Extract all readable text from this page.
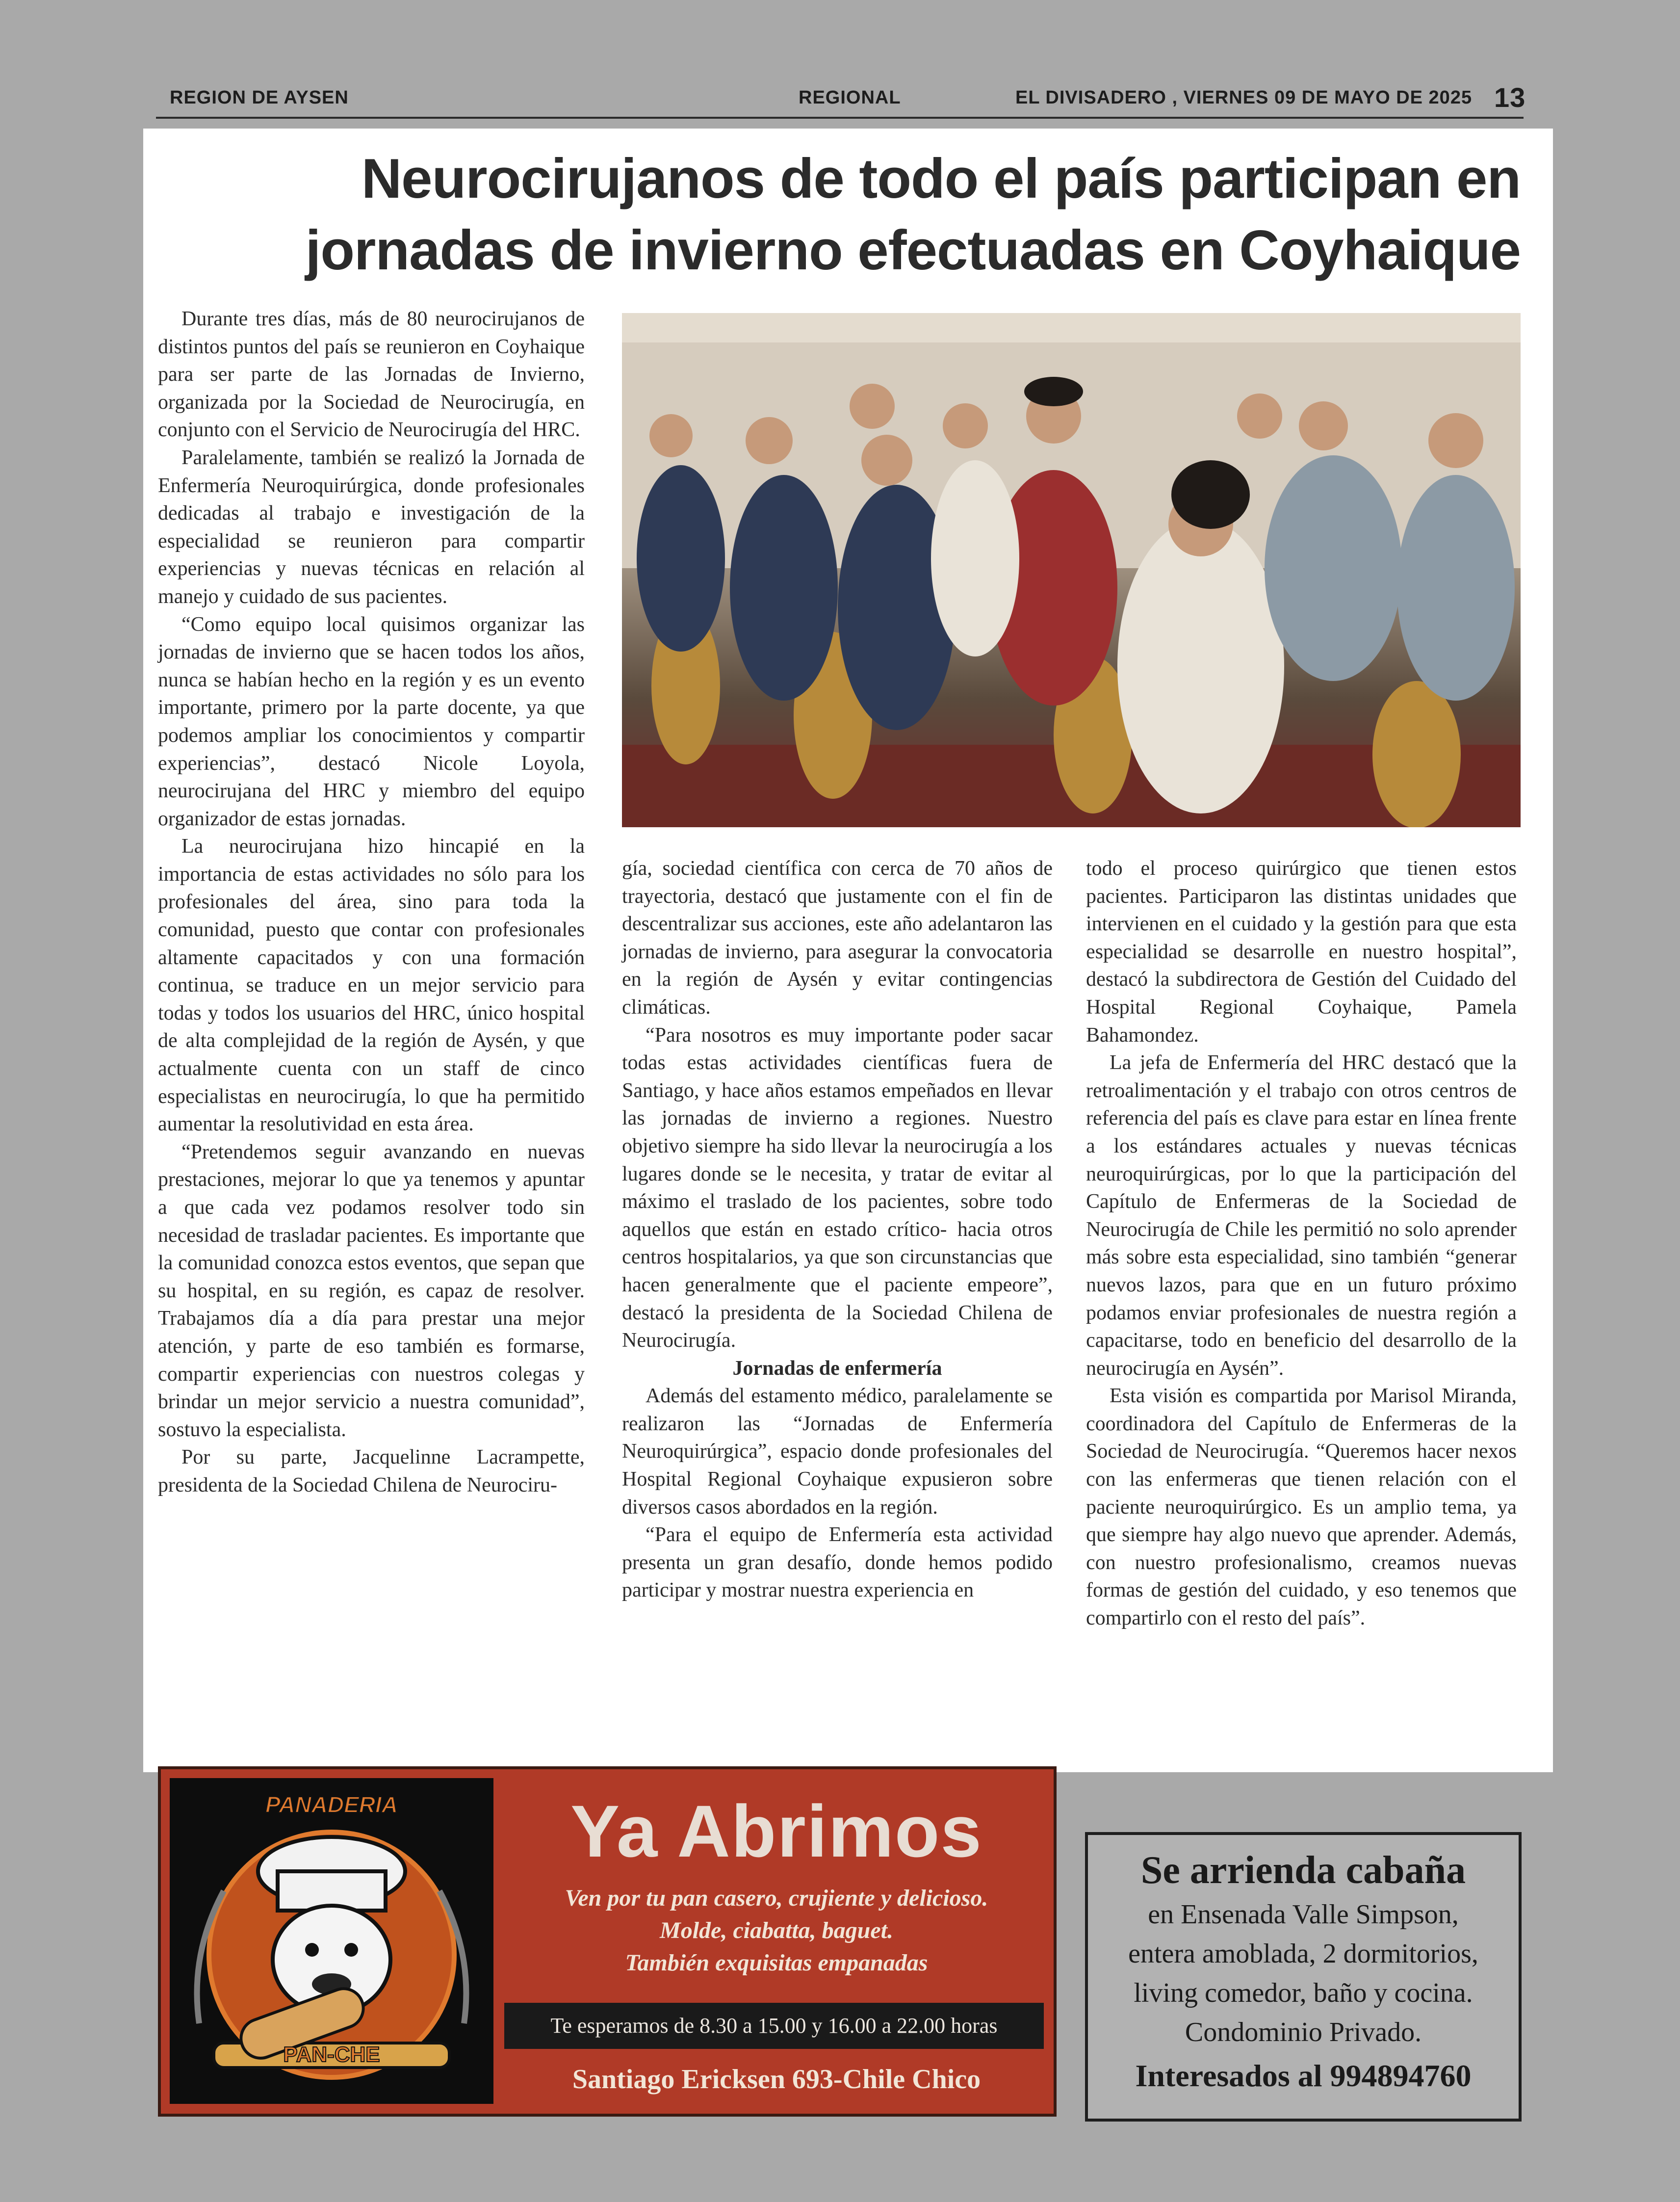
REGION DE AYSEN	REGIONAL	EL DIVISADERO , VIERNES 09 DE MAYO DE 2025 13
Neurocirujanos de todo el país participan en
jornadas de invierno efectuadas en Coyhaique

Durante tres días, más de 80 neurocirujanos de distintos puntos del país se reunieron en Coyhaique para ser parte de las Jornadas de Invierno, organizada por la Sociedad de Neurocirugía, en conjunto con el Servicio de Neurocirugía del HRC.

Paralelamente, también se realizó la Jornada de Enfermería Neuroquirúrgica, donde profesionales dedicadas al trabajo e investigación de la especialidad se reunieron para compartir experiencias y nuevas técnicas en relación al manejo y cuidado de sus pacientes.

“Como equipo local quisimos organizar las jornadas de invierno que se hacen todos los años, nunca se habían hecho en la región y es un evento importante, primero por la parte docente, ya que podemos ampliar los conocimientos y compartir experiencias”, destacó Nicole Loyola, neurocirujana del HRC y miembro del equipo organizador de estas jornadas.

La neurocirujana hizo hincapié en la importancia de estas actividades no sólo para los profesionales del área, sino para toda la comunidad, puesto que contar con profesionales altamente capacitados y con una formación continua, se traduce en un mejor servicio para todas y todos los usuarios del HRC, único hospital de alta complejidad de la región de Aysén, y que actualmente cuenta con un staff de cinco especialistas en neurocirugía, lo que ha permitido aumentar la resolutividad en esta área.

“Pretendemos seguir avanzando en nuevas prestaciones, mejorar lo que ya tenemos y apuntar a que cada vez podamos resolver todo sin necesidad de trasladar pacientes. Es importante que la comunidad conozca estos eventos, que sepan que su hospital, en su región, es capaz de resolver. Trabajamos día a día para prestar una mejor atención, y parte de eso también es formarse, compartir experiencias con nuestros colegas y brindar un mejor servicio a nuestra comunidad”, sostuvo la especialista.

Por su parte, Jacquelinne Lacrampette, presidenta de la Sociedad Chilena de Neurociru-

gía, sociedad científica con cerca de 70 años de trayectoria, destacó que justamente con el fin de descentralizar sus acciones, este año adelantaron las jornadas de invierno, para asegurar la convocatoria en la región de Aysén y evitar contingencias climáticas.

“Para nosotros es muy importante poder sacar todas estas actividades científicas fuera de Santiago, y hace años estamos empeñados en llevar las jornadas de invierno a regiones. Nuestro objetivo siempre ha sido llevar la neurocirugía a los lugares donde se le necesita, y tratar de evitar al máximo el traslado de los pacientes, sobre todo aquellos que están en estado crítico- hacia otros centros hospitalarios, ya que son circunstancias que hacen generalmente que el paciente empeore”, destacó la presidenta de la Sociedad Chilena de Neurocirugía.

Jornadas de enfermería

Además del estamento médico, paralelamente se realizaron las “Jornadas de Enfermería Neuroquirúrgica”, espacio donde profesionales del Hospital Regional Coyhaique expusieron sobre diversos casos abordados en la región.

“Para el equipo de Enfermería esta actividad presenta un gran desafío, donde hemos podido participar y mostrar nuestra experiencia en

todo el proceso quirúrgico que tienen estos pacientes. Participaron las distintas unidades que intervienen en el cuidado y la gestión para que esta especialidad se desarrolle en nuestro hospital”, destacó la subdirectora de Gestión del Cuidado del Hospital Regional Coyhaique, Pamela Bahamondez.

La jefa de Enfermería del HRC destacó que la retroalimentación y el trabajo con otros centros de referencia del país es clave para estar en línea frente a los estándares actuales y nuevas técnicas neuroquirúrgicas, por lo que la participación del Capítulo de Enfermeras de la Sociedad de Neurocirugía de Chile les permitió no solo aprender más sobre esta especialidad, sino también “generar nuevos lazos, para que en un futuro próximo podamos enviar profesionales de nuestra región a capacitarse, todo en beneficio del desarrollo de la neurocirugía en Aysén”.

Esta visión es compartida por Marisol Miranda, coordinadora del Capítulo de Enfermeras de la Sociedad de Neurocirugía. “Queremos hacer nexos con las enfermeras que tienen relación con el paciente neuroquirúrgico. Es un amplio tema, ya que siempre hay algo nuevo que aprender. Además, con nuestro profesionalismo, creamos nuevas formas de gestión del cuidado, y eso tenemos que compartirlo con el resto del país”.

PANADERIA
PAN-CHE
Ya Abrimos
Ven por tu pan casero, crujiente y delicioso.
Molde, ciabatta, baguet.
También exquisitas empanadas
Te esperamos de 8.30 a 15.00 y 16.00 a 22.00 horas
Santiago Ericksen 693-Chile Chico
Se arrienda cabaña
en Ensenada Valle Simpson,
entera amoblada, 2 dormitorios,
living comedor, baño y cocina.
Condominio Privado.
Interesados al 994894760
